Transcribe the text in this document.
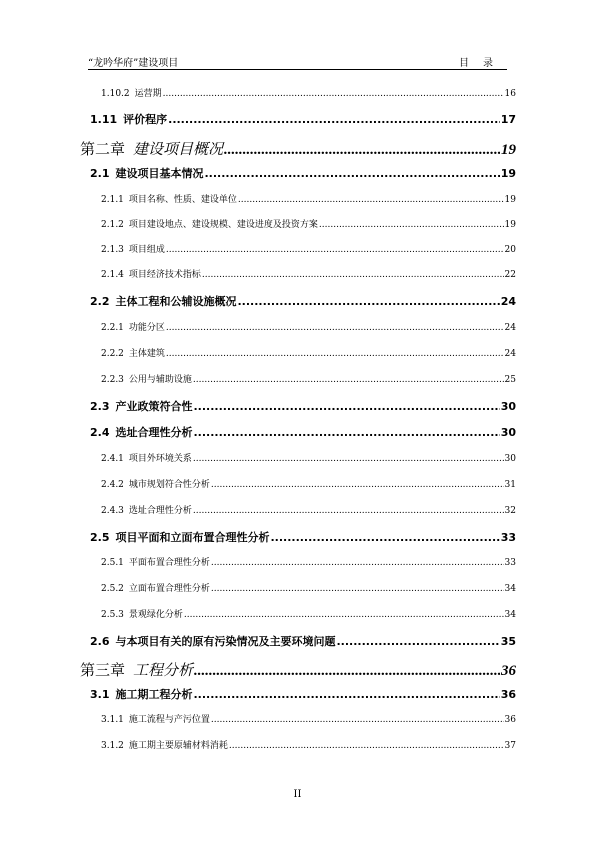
“龙吟华府”建设项目	目录
1.10.2 运营期 .....	16
1.11 评价程序 .....	17
第二章 建设项目概况 .....	19
2.1 建设项目基本情况 .....	19
2.1.1 项目名称、性质、建设单位 .....	19
2.1.2 项目建设地点、建设规模、建设进度及投资方案 .....	19
2.1.3 项目组成 .....	20
2.1.4 项目经济技术指标 .....	22
2.2 主体工程和公辅设施概况 .....	24
2.2.1 功能分区 .....	24
2.2.2 主体建筑 .....	24
2.2.3 公用与辅助设施 .....	25
2.3 产业政策符合性 .....	30
2.4 选址合理性分析 .....	30
2.4.1 项目外环境关系 .....	30
2.4.2 城市规划符合性分析 .....	31
2.4.3 选址合理性分析 .....	32
2.5 项目平面和立面布置合理性分析 .....	33
2.5.1 平面布置合理性分析 .....	33
2.5.2 立面布置合理性分析 .....	34
2.5.3 景观绿化分析 .....	34
2.6 与本项目有关的原有污染情况及主要环境问题 .....	35
第三章 工程分析 .....	36
3.1 施工期工程分析 .....	36
3.1.1 施工流程与产污位置 .....	36
3.1.2 施工期主要原辅材料消耗 .....	37
II
